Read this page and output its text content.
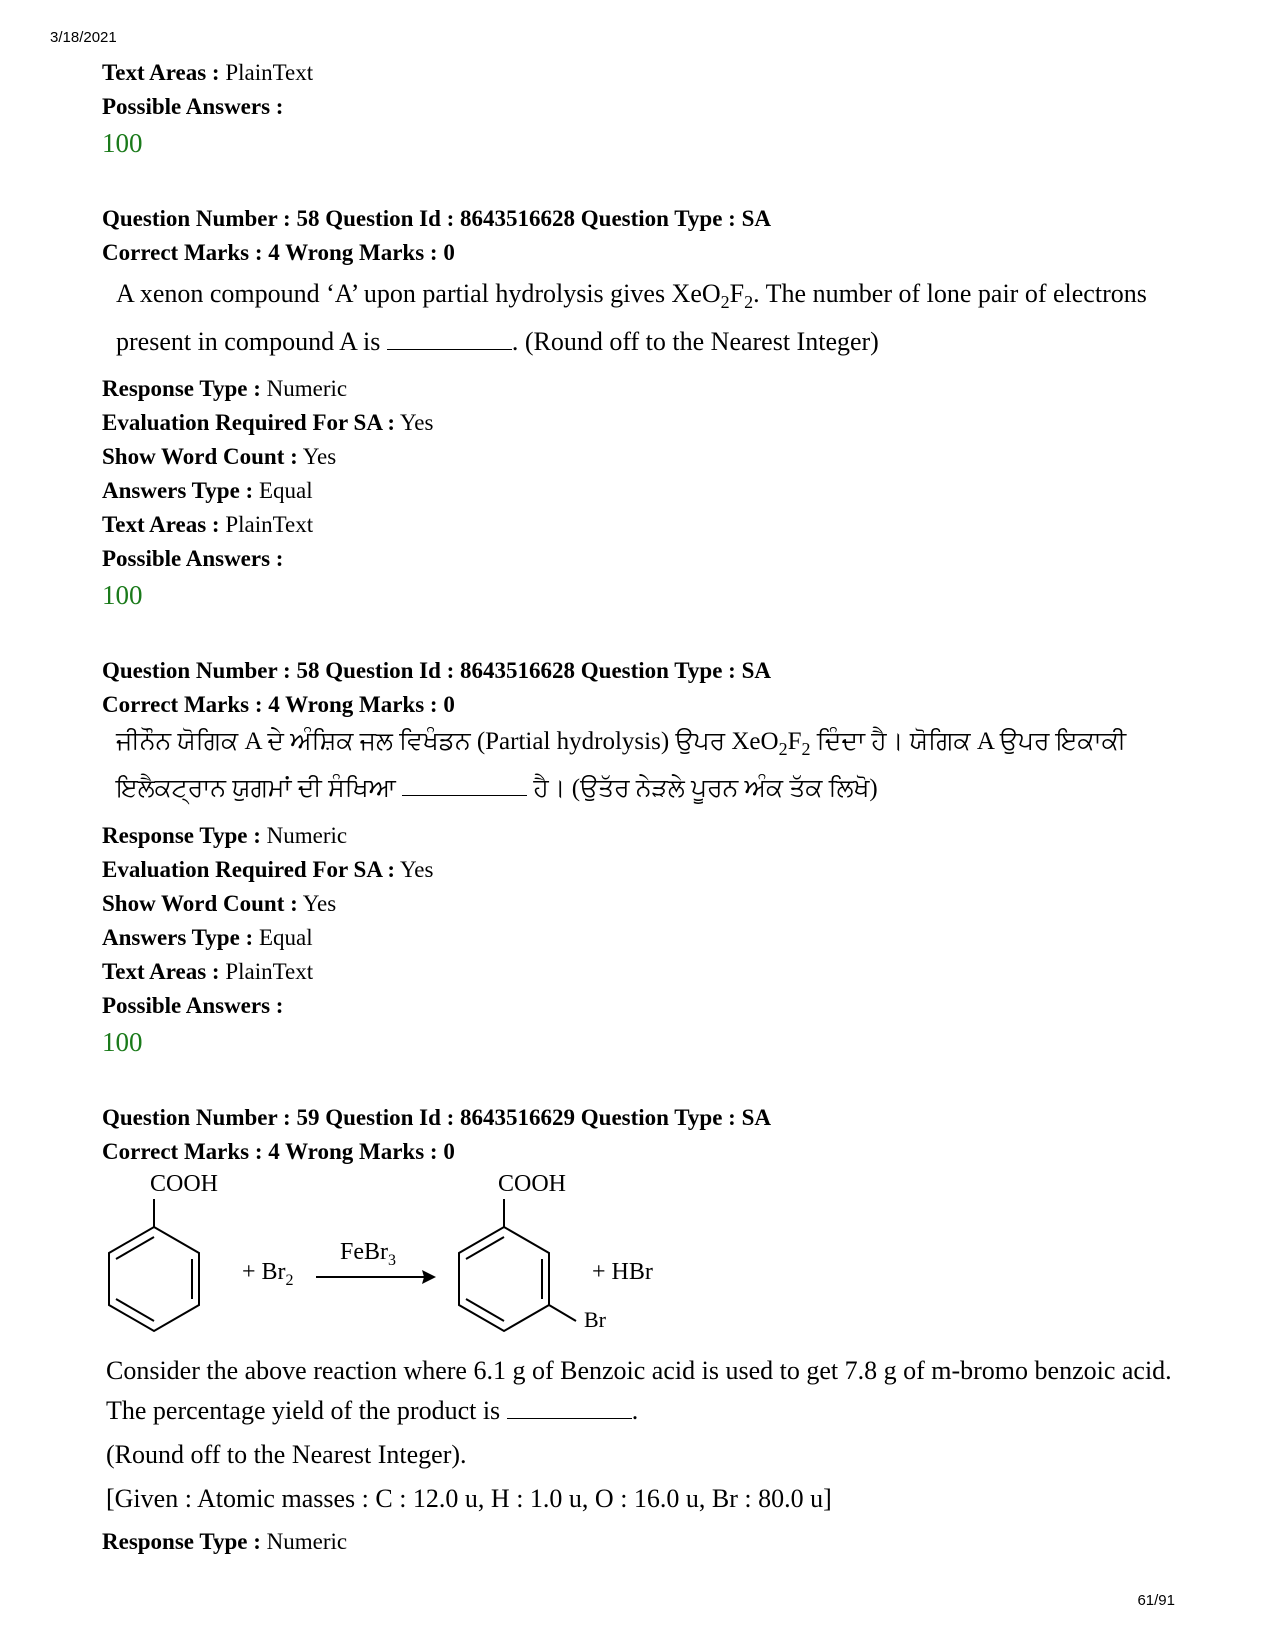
3/18/2021
Text Areas : PlainText
Possible Answers :
100
Question Number : 58 Question Id : 8643516628 Question Type : SA
Correct Marks : 4 Wrong Marks : 0
A xenon compound ‘A’ upon partial hydrolysis gives $XeO_2F_2$. The number of lone pair of electrons present in compound A is	. (Round off to the Nearest Integer)
Response Type : Numeric
Evaluation Required For SA : Yes
Show Word Count : Yes
Answers Type : Equal
Text Areas : PlainText
Possible Answers :
100
Question Number : 58 Question Id : 8643516628 Question Type : SA
Correct Marks : 4 Wrong Marks : 0
ਜੀਨੌਨ ਯੋਗਿਕ A ਦੇ ਅੰਸ਼ਿਕ ਜਲ ਵਿਖੰਡਨ (Partial hydrolysis) ਉਪਰ $XeO_2F_2$ ਦਿੰਦਾ ਹੈ। ਯੋਗਿਕ A ਉਪਰ ਇਕਾਕੀ ਇਲੈਕਟ੍ਰਾਨ ਯੁਗਮਾਂ ਦੀ ਸੰਖਿਆ	ਹੈ। (ਉਤੱਰ ਨੇੜਲੇ ਪੂਰਨ ਅੰਕ ਤੱਕ ਲਿਖੋ)
Response Type : Numeric
Evaluation Required For SA : Yes
Show Word Count : Yes
Answers Type : Equal
Text Areas : PlainText
Possible Answers :
100
Question Number : 59 Question Id : 8643516629 Question Type : SA
Correct Marks : 4 Wrong Marks : 0
COOH
+ $Br_2$
FeBr$_3$
COOH
+ HBr
Br

Consider the above reaction where 6.1 g of Benzoic acid is used to get 7.8 g of m-bromo benzoic acid. The percentage yield of the product is	.

(Round off to the Nearest Integer).

[Given : Atomic masses : C : 12.0 u, H : 1.0 u, O : 16.0 u, Br : 80.0 u]

Response Type : Numeric
61/91
